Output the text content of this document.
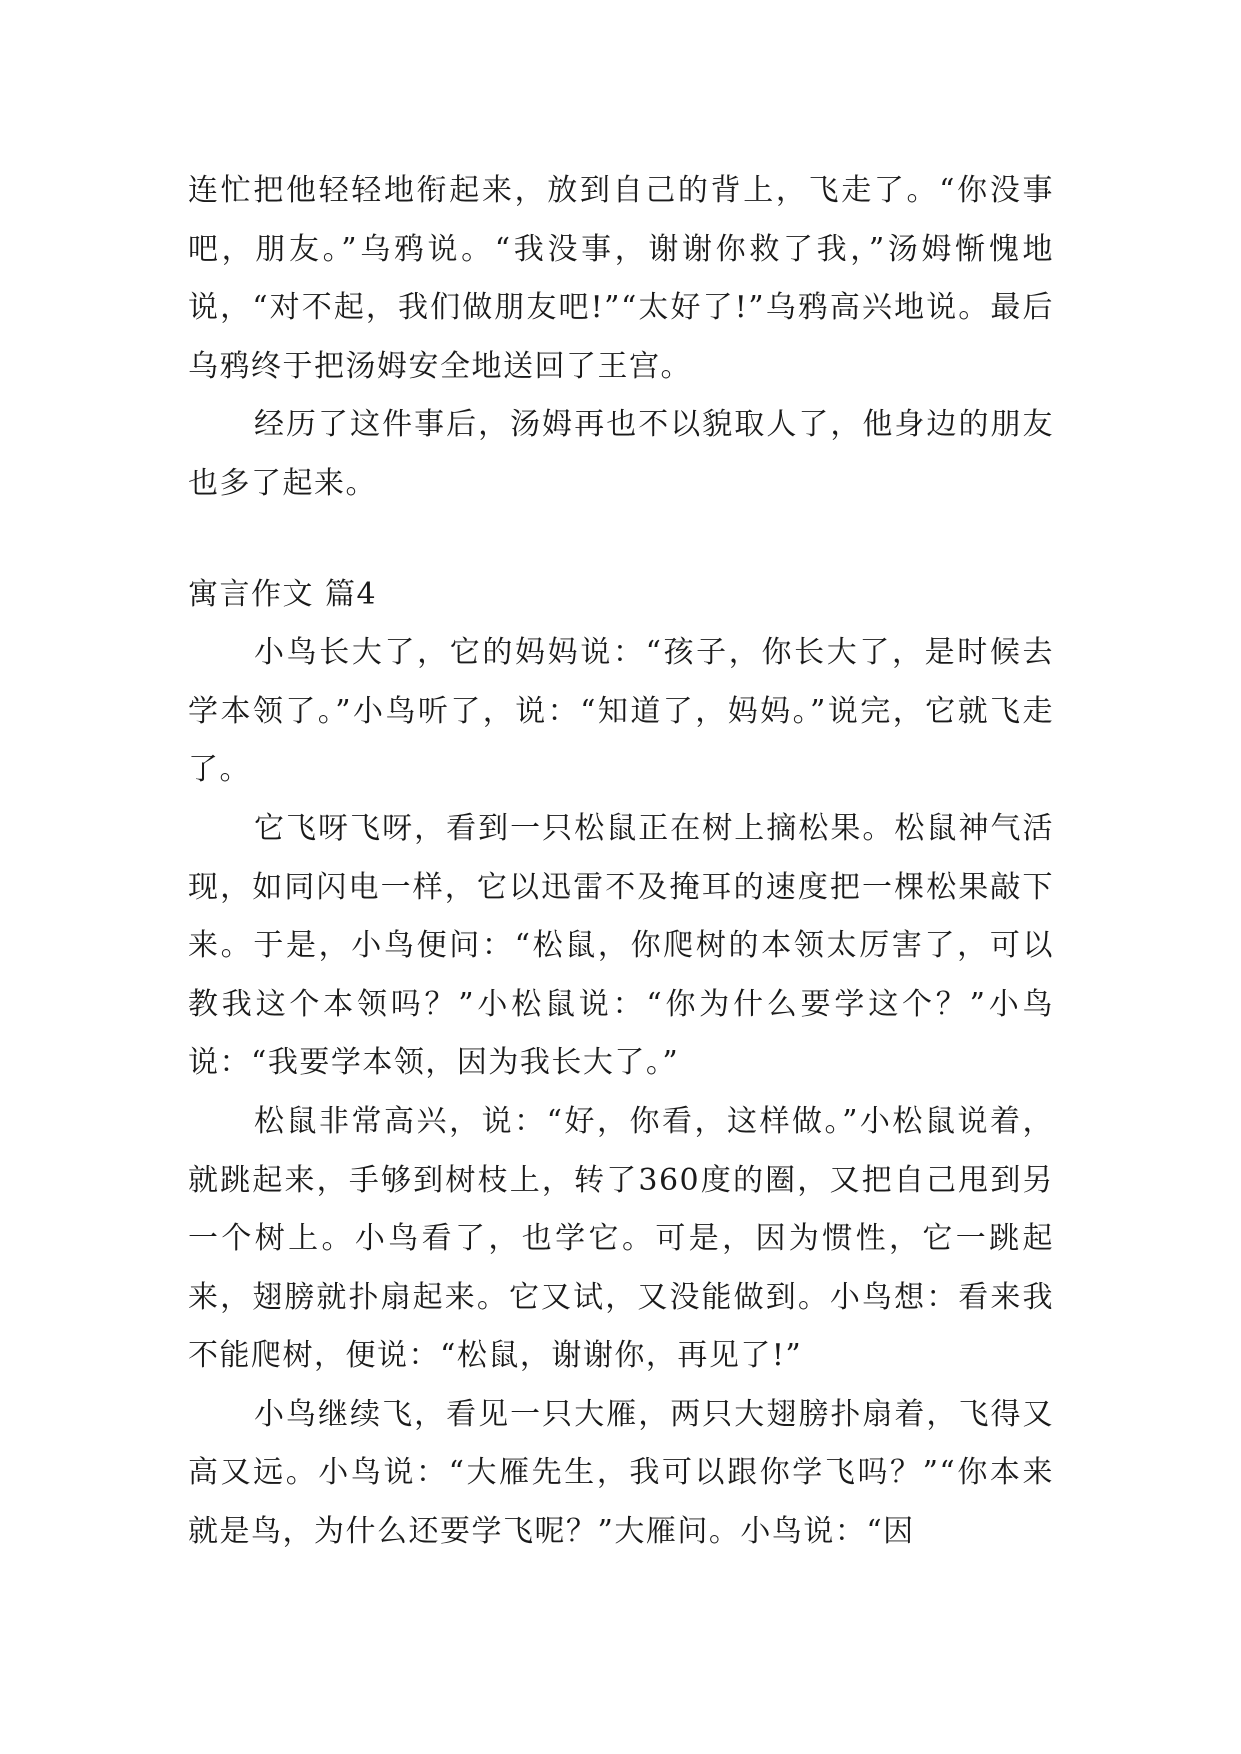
连忙把他轻轻地衔起来，放到自己的背上，飞走了。“你没事吧，朋友。”乌鸦说。“我没事，谢谢你救了我，”汤姆惭愧地说，“对不起，我们做朋友吧!”“太好了!”乌鸦高兴地说。最后乌鸦终于把汤姆安全地送回了王宫。

经历了这件事后，汤姆再也不以貌取人了，他身边的朋友也多了起来。

寓言作文 篇4

小鸟长大了，它的妈妈说：“孩子，你长大了，是时候去学本领了。”小鸟听了，说：“知道了，妈妈。”说完，它就飞走了。

它飞呀飞呀，看到一只松鼠正在树上摘松果。松鼠神气活现，如同闪电一样，它以迅雷不及掩耳的速度把一棵松果敲下来。于是，小鸟便问：“松鼠，你爬树的本领太厉害了，可以教我这个本领吗？”小松鼠说：“你为什么要学这个？”小鸟说：“我要学本领，因为我长大了。”

松鼠非常高兴，说：“好，你看，这样做。”小松鼠说着，就跳起来，手够到树枝上，转了360度的圈，又把自己甩到另一个树上。小鸟看了，也学它。可是，因为惯性，它一跳起来，翅膀就扑扇起来。它又试，又没能做到。小鸟想：看来我不能爬树，便说：“松鼠，谢谢你，再见了!”

小鸟继续飞，看见一只大雁，两只大翅膀扑扇着，飞得又高又远。小鸟说：“大雁先生，我可以跟你学飞吗？”“你本来就是鸟，为什么还要学飞呢？”大雁问。小鸟说：“因
